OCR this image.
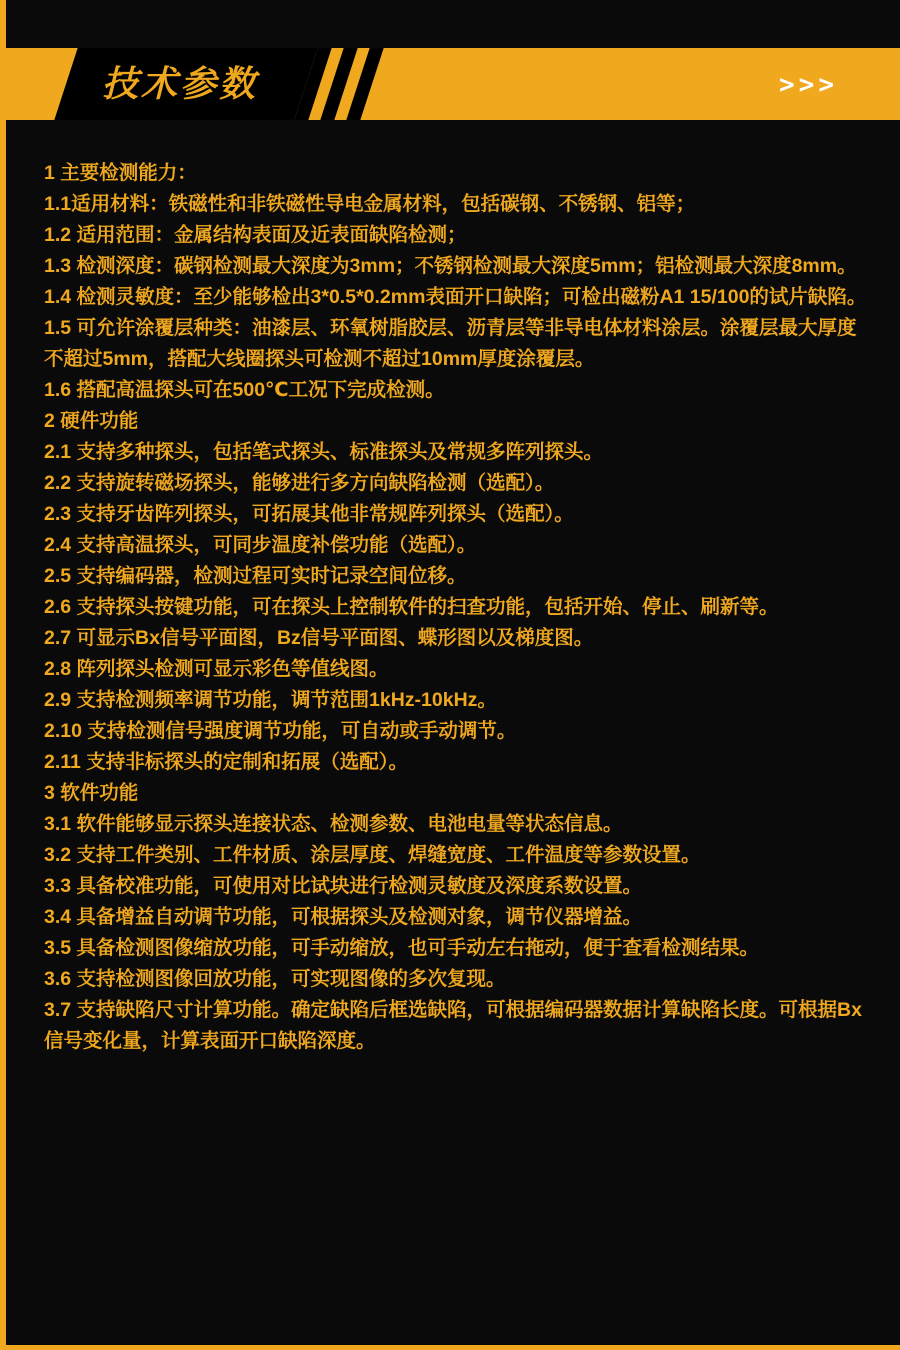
技术参数	>>>

1 主要检测能力：

1.1适用材料：铁磁性和非铁磁性导电金属材料，包括碳钢、不锈钢、铝等；

1.2 适用范围：金属结构表面及近表面缺陷检测；

1.3 检测深度：碳钢检测最大深度为3mm；不锈钢检测最大深度5mm；铝检测最大深度8mm。

1.4 检测灵敏度：至少能够检出3*0.5*0.2mm表面开口缺陷；可检出磁粉A1 15/100的试片缺陷。

1.5 可允许涂覆层种类：油漆层、环氧树脂胶层、沥青层等非导电体材料涂层。涂覆层最大厚度不超过5mm，搭配大线圈探头可检测不超过10mm厚度涂覆层。

1.6 搭配高温探头可在500℃工况下完成检测。

2 硬件功能

2.1 支持多种探头，包括笔式探头、标准探头及常规多阵列探头。

2.2 支持旋转磁场探头，能够进行多方向缺陷检测（选配）。

2.3 支持牙齿阵列探头，可拓展其他非常规阵列探头（选配）。

2.4 支持高温探头，可同步温度补偿功能（选配）。

2.5 支持编码器，检测过程可实时记录空间位移。

2.6 支持探头按键功能，可在探头上控制软件的扫查功能，包括开始、停止、刷新等。

2.7 可显示Bx信号平面图，Bz信号平面图、蝶形图以及梯度图。

2.8 阵列探头检测可显示彩色等值线图。

2.9 支持检测频率调节功能，调节范围1kHz-10kHz。

2.10 支持检测信号强度调节功能，可自动或手动调节。

2.11 支持非标探头的定制和拓展（选配）。

3 软件功能

3.1 软件能够显示探头连接状态、检测参数、电池电量等状态信息。

3.2 支持工件类别、工件材质、涂层厚度、焊缝宽度、工件温度等参数设置。

3.3 具备校准功能，可使用对比试块进行检测灵敏度及深度系数设置。

3.4 具备增益自动调节功能，可根据探头及检测对象，调节仪器增益。

3.5 具备检测图像缩放功能，可手动缩放，也可手动左右拖动，便于查看检测结果。

3.6 支持检测图像回放功能，可实现图像的多次复现。

3.7 支持缺陷尺寸计算功能。确定缺陷后框选缺陷，可根据编码器数据计算缺陷长度。可根据Bx信号变化量，计算表面开口缺陷深度。
